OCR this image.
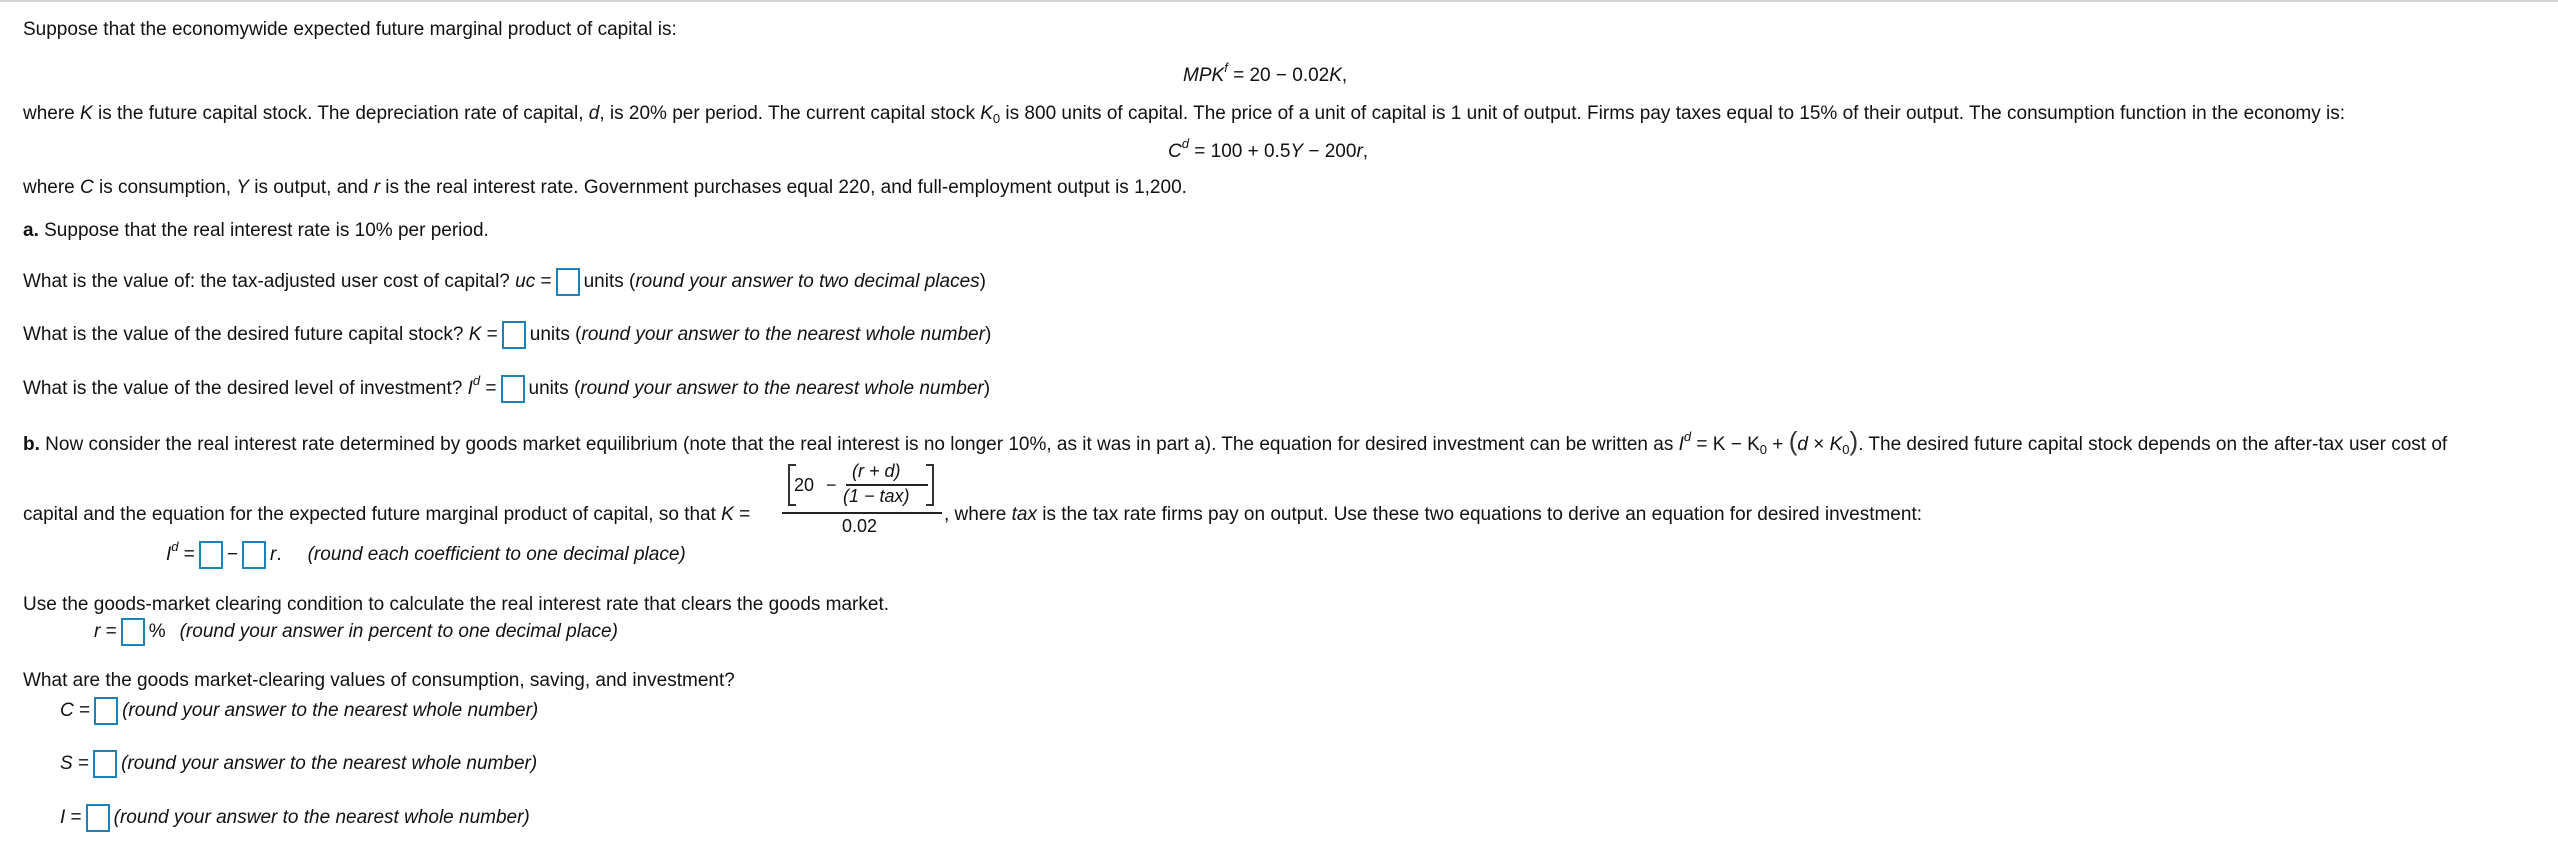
Suppose that the economywide expected future marginal product of capital is:
$MPK^f = 20 - 0.02K$,
where K is the future capital stock. The depreciation rate of capital, d, is 20% per period. The current capital stock $K_0$ is 800 units of capital. The price of a unit of capital is 1 unit of output. Firms pay taxes equal to 15% of their output. The consumption function in the economy is:
$C^d = 100 + 0.5Y - 200r$,
where C is consumption, Y is output, and r is the real interest rate. Government purchases equal 220, and full-employment output is 1,200.
a. Suppose that the real interest rate is 10% per period.
What is the value of: the tax-adjusted user cost of capital? uc = units (round your answer to two decimal places)
What is the value of the desired future capital stock? K = units (round your answer to the nearest whole number)
What is the value of the desired level of investment? $I^d$ = units (round your answer to the nearest whole number)
b. Now consider the real interest rate determined by goods market equilibrium (note that the real interest is no longer 10%, as it was in part a). The equation for desired investment can be written as $I^d = K - K_0 + (d \times K_0)$. The desired future capital stock depends on the after-tax user cost of
capital and the equation for the expected future marginal product of capital, so that K =
20 −
(r + d)
(1 − tax)
0.02
, where tax is the tax rate firms pay on output. Use these two equations to derive an equation for desired investment:
$I^d$ = − r. (round each coefficient to one decimal place)
Use the goods-market clearing condition to calculate the real interest rate that clears the goods market.
r = % (round your answer in percent to one decimal place)
What are the goods market-clearing values of consumption, saving, and investment?
C = (round your answer to the nearest whole number)
S = (round your answer to the nearest whole number)
I = (round your answer to the nearest whole number)
